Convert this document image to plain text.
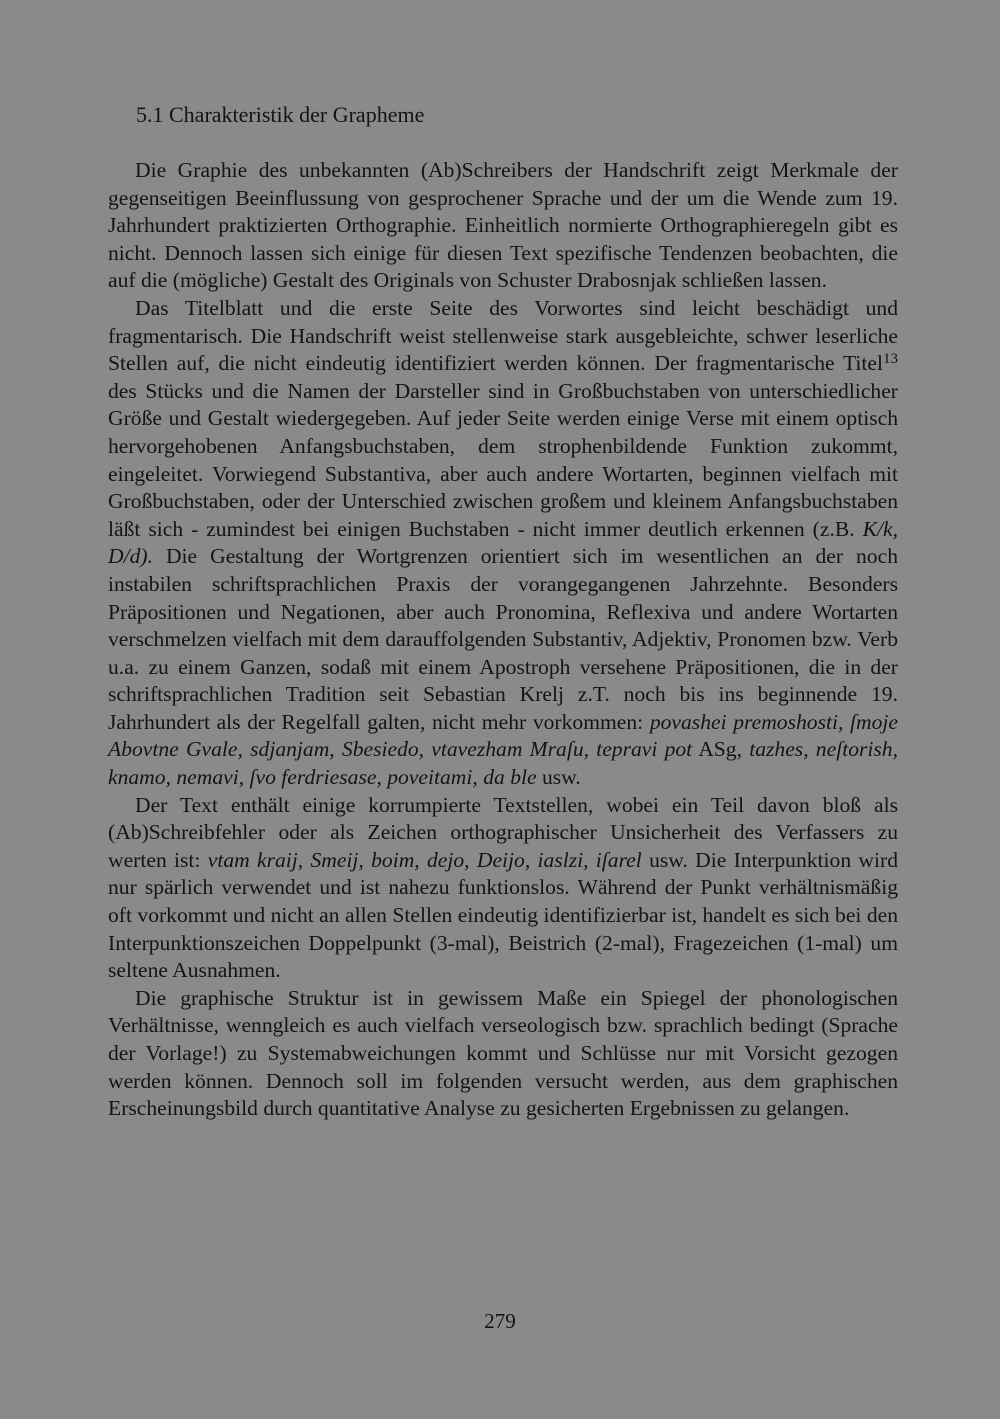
5.1 Charakteristik der Grapheme

Die Graphie des unbekannten (Ab)Schreibers der Handschrift zeigt Merkmale der gegenseitigen Beeinflussung von gesprochener Sprache und der um die Wende zum 19. Jahrhundert praktizierten Orthographie. Einheitlich normierte Orthographieregeln gibt es nicht. Dennoch lassen sich einige für diesen Text spezifische Tendenzen beobachten, die auf die (mögliche) Gestalt des Originals von Schuster Drabosnjak schließen lassen.

Das Titelblatt und die erste Seite des Vorwortes sind leicht beschädigt und fragmentarisch. Die Handschrift weist stellenweise stark ausgebleichte, schwer leserliche Stellen auf, die nicht eindeutig identifiziert werden können. Der fragmentarische Titel$^{13}$ des Stücks und die Namen der Darsteller sind in Großbuchstaben von unterschiedlicher Größe und Gestalt wiedergegeben. Auf jeder Seite werden einige Verse mit einem optisch hervorgehobenen Anfangsbuchstaben, dem strophenbildende Funktion zukommt, eingeleitet. Vorwiegend Substantiva, aber auch andere Wortarten, beginnen vielfach mit Großbuchstaben, oder der Unterschied zwischen großem und kleinem Anfangsbuchstaben läßt sich - zumindest bei einigen Buchstaben - nicht immer deutlich erkennen (z.B. K/k, D/d). Die Gestaltung der Wortgrenzen orientiert sich im wesentlichen an der noch instabilen schriftsprachlichen Praxis der vorangegangenen Jahrzehnte. Besonders Präpositionen und Negationen, aber auch Pronomina, Reflexiva und andere Wortarten verschmelzen vielfach mit dem darauffolgenden Substantiv, Adjektiv, Pronomen bzw. Verb u.a. zu einem Ganzen, sodaß mit einem Apostroph versehene Präpositionen, die in der schriftsprachlichen Tradition seit Sebastian Krelj z.T. noch bis ins beginnende 19. Jahrhundert als der Regelfall galten, nicht mehr vorkommen: povashei premoshosti, ſmoje Abovtne Gvale, sdjanjam, Sbesiedo, vtavezham Mraſu, tepravi pot ASg, tazhes, neſtorish, knamo, nemavi, ſvo ferdriesase, poveitami, da ble usw.

Der Text enthält einige korrumpierte Textstellen, wobei ein Teil davon bloß als (Ab)Schreibfehler oder als Zeichen orthographischer Unsicherheit des Verfassers zu werten ist: vtam kraij, Smeij, boim, dejo, Deijo, iaslzi, iſarel usw. Die Interpunktion wird nur spärlich verwendet und ist nahezu funktionslos. Während der Punkt verhältnismäßig oft vorkommt und nicht an allen Stellen eindeutig identifizierbar ist, handelt es sich bei den Interpunktionszeichen Doppelpunkt (3-mal), Beistrich (2-mal), Fragezeichen (1-mal) um seltene Ausnahmen.

Die graphische Struktur ist in gewissem Maße ein Spiegel der phonologischen Verhältnisse, wenngleich es auch vielfach verseologisch bzw. sprachlich bedingt (Sprache der Vorlage!) zu Systemabweichungen kommt und Schlüsse nur mit Vorsicht gezogen werden können. Dennoch soll im folgenden versucht werden, aus dem graphischen Erscheinungsbild durch quantitative Analyse zu gesicherten Ergebnissen zu gelangen.

279
